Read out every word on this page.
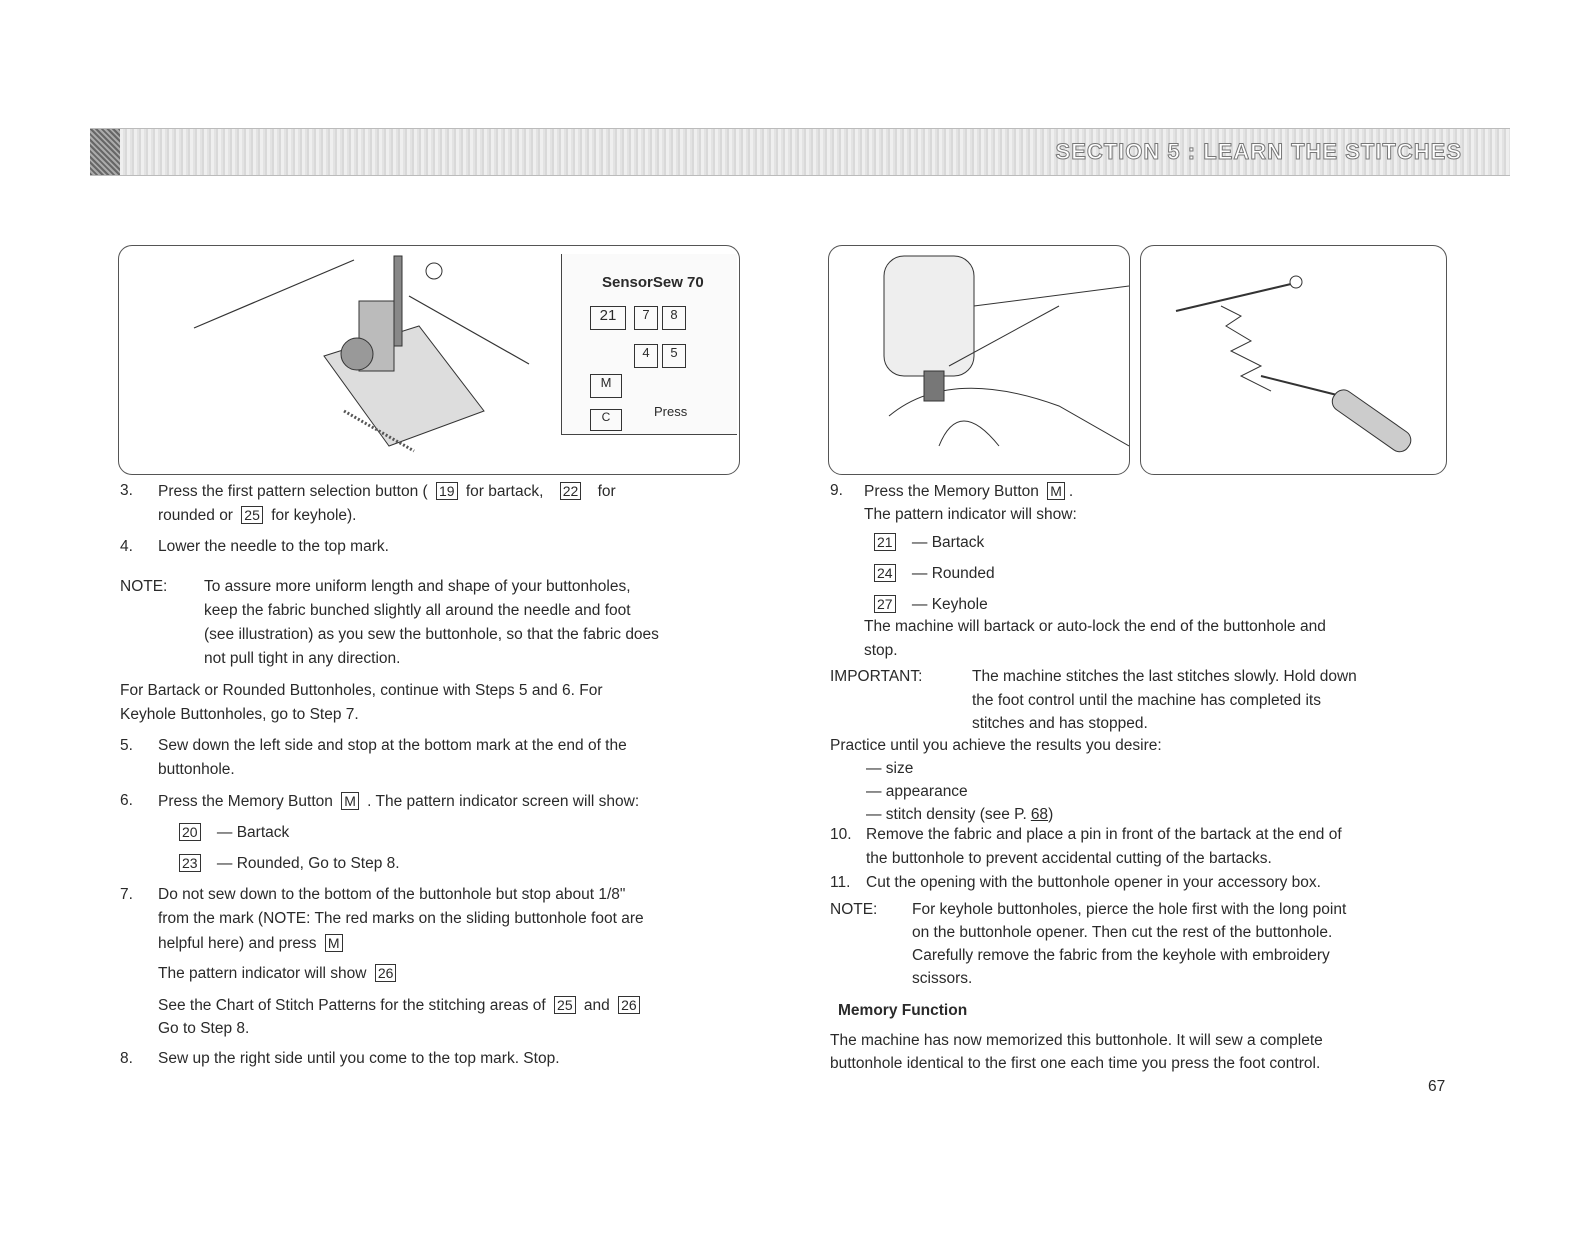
SECTION 5 : LEARN THE STITCHES
SensorSew 70
21	7	8
4	5
M
C	Press
3. Press the first pattern selection button ( 19 for bartack, 22 for
rounded or 25 for keyhole).
4. Lower the needle to the top mark.
NOTE: To assure more uniform length and shape of your buttonholes,
keep the fabric bunched slightly all around the needle and foot
(see illustration) as you sew the buttonhole, so that the fabric does
not pull tight in any direction.
For Bartack or Rounded Buttonholes, continue with Steps 5 and 6. For
Keyhole Buttonholes, go to Step 7.
5. Sew down the left side and stop at the bottom mark at the end of the
buttonhole.
6. Press the Memory Button M . The pattern indicator screen will show:
20 — Bartack
23 — Rounded, Go to Step 8.
7. Do not sew down to the bottom of the buttonhole but stop about 1/8"
from the mark (NOTE: The red marks on the sliding buttonhole foot are
helpful here) and press M
The pattern indicator will show 26
See the Chart of Stitch Patterns for the stitching areas of 25 and 26
Go to Step 8.
8. Sew up the right side until you come to the top mark. Stop.
9. Press the Memory Button M .
The pattern indicator will show:
21 — Bartack
24 — Rounded
27 — Keyhole
The machine will bartack or auto-lock the end of the buttonhole and
stop.
IMPORTANT:	The machine stitches the last stitches slowly. Hold down
the foot control until the machine has completed its
stitches and has stopped.
Practice until you achieve the results you desire:
— size
— appearance
— stitch density (see P. 68)
10. Remove the fabric and place a pin in front of the bartack at the end of
the buttonhole to prevent accidental cutting of the bartacks.
11. Cut the opening with the buttonhole opener in your accessory box.
NOTE: For keyhole buttonholes, pierce the hole first with the long point
on the buttonhole opener. Then cut the rest of the buttonhole.
Carefully remove the fabric from the keyhole with embroidery
scissors.
Memory Function
The machine has now memorized this buttonhole. It will sew a complete
buttonhole identical to the first one each time you press the foot control.
67
